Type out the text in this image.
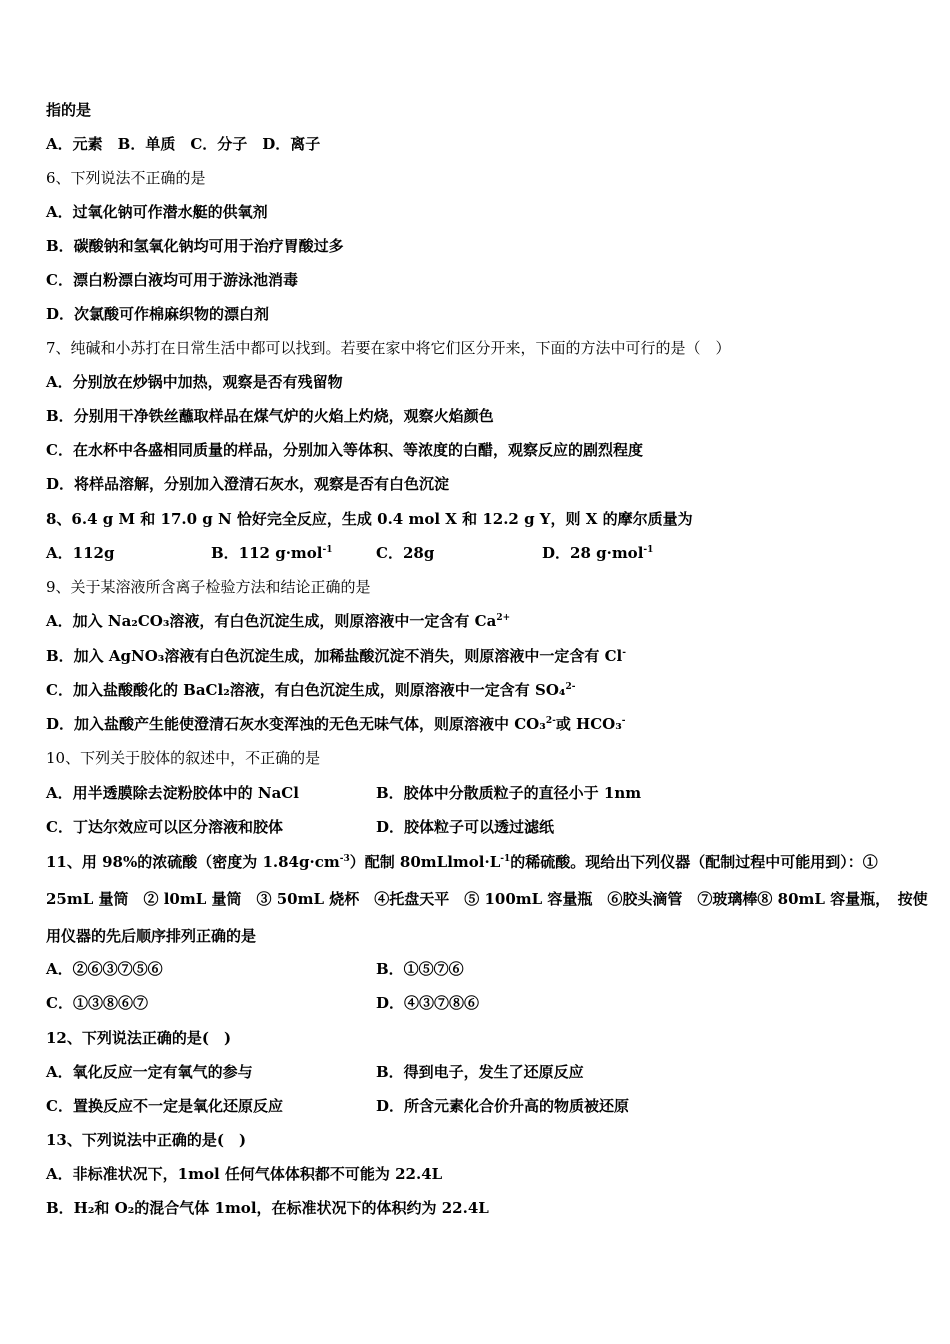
指的是
A．元素　B．单质　C．分子　D．离子
6、下列说法不正确的是
A．过氧化钠可作潜水艇的供氧剂
B．碳酸钠和氢氧化钠均可用于治疗胃酸过多
C．漂白粉漂白液均可用于游泳池消毒
D．次氯酸可作棉麻织物的漂白剂
7、纯碱和小苏打在日常生活中都可以找到。若要在家中将它们区分开来，下面的方法中可行的是（　）
A．分别放在炒锅中加热，观察是否有残留物
B．分别用干净铁丝蘸取样品在煤气炉的火焰上灼烧，观察火焰颜色
C．在水杯中各盛相同质量的样品，分别加入等体积、等浓度的白醋，观察反应的剧烈程度
D．将样品溶解，分别加入澄清石灰水，观察是否有白色沉淀
8、6.4 g M 和 17.0 g N 恰好完全反应，生成 0.4 mol X 和 12.2 g Y，则 X 的摩尔质量为
A．112g	B．112 g·mol$^{-1}$	C．28g	D．28 g·mol$^{-1}$
9、关于某溶液所含离子检验方法和结论正确的是
A．加入 Na₂CO₃溶液，有白色沉淀生成，则原溶液中一定含有 $Ca^{2+}$
B．加入 AgNO₃溶液有白色沉淀生成，加稀盐酸沉淀不消失，则原溶液中一定含有 Cl-
C．加入盐酸酸化的 BaCl₂溶液，有白色沉淀生成，则原溶液中一定含有 SO₄$^{2-}$
D．加入盐酸产生能使澄清石灰水变浑浊的无色无味气体，则原溶液中 CO₃$^{2-}$或 HCO₃-
10、下列关于胶体的叙述中，不正确的是
A．用半透膜除去淀粉胶体中的 NaCl	B．胶体中分散质粒子的直径小于 1nm
C．丁达尔效应可以区分溶液和胶体	D．胶体粒子可以透过滤纸
11、用 98%的浓硫酸（密度为 $1.84g\cdot cm^{-3}$）配制 $80mLlmol\cdot L^{-1}$的稀硫酸。现给出下列仪器（配制过程中可能用到）：①
25mL 量筒　② l0mL 量筒　③ 50mL 烧杯　④托盘天平　⑤ 100mL 容量瓶　⑥胶头滴管　⑦玻璃棒⑧ 80mL 容量瓶，　按使
用仪器的先后顺序排列正确的是
A．②⑥③⑦⑤⑥	B．①⑤⑦⑥
C．①③⑧⑥⑦	D．④③⑦⑧⑥
12、下列说法正确的是(　)
A．氧化反应一定有氧气的参与	B．得到电子，发生了还原反应
C．置换反应不一定是氧化还原反应	D．所含元素化合价升高的物质被还原
13、下列说法中正确的是(　)
A．非标准状况下，1mol 任何气体体积都不可能为 22.4L
B．H₂和 O₂的混合气体 1mol，在标准状况下的体积约为 22.4L
